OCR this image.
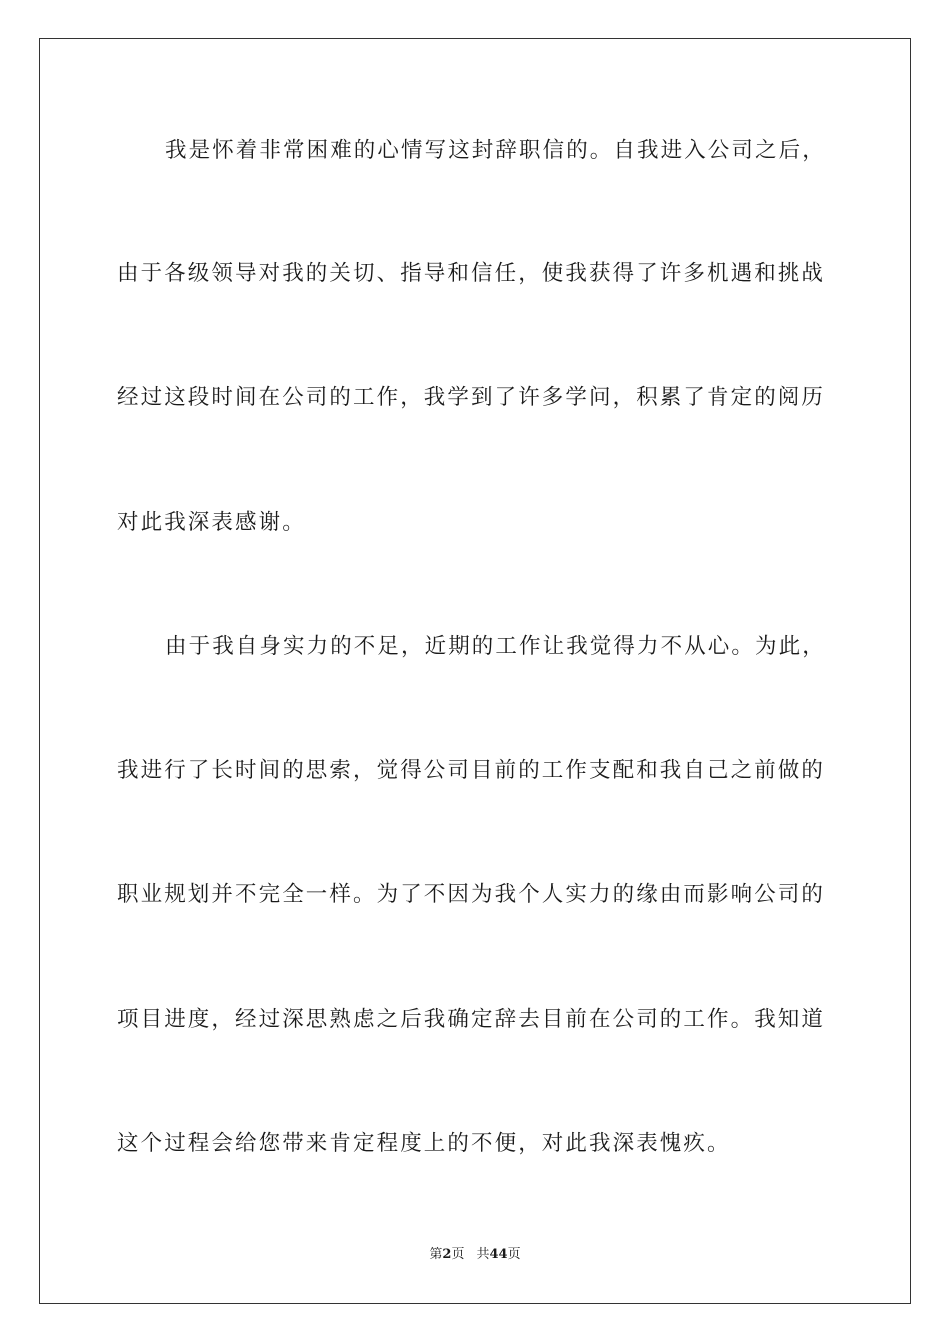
我是怀着非常困难的心情写这封辞职信的。自我进入公司之后，
由于各级领导对我的关切、指导和信任，使我获得了许多机遇和挑战
经过这段时间在公司的工作，我学到了许多学问，积累了肯定的阅历
对此我深表感谢。
由于我自身实力的不足，近期的工作让我觉得力不从心。为此，
我进行了长时间的思索，觉得公司目前的工作支配和我自己之前做的
职业规划并不完全一样。为了不因为我个人实力的缘由而影响公司的
项目进度，经过深思熟虑之后我确定辞去目前在公司的工作。我知道
这个过程会给您带来肯定程度上的不便，对此我深表愧疚。
第2页 共44页
